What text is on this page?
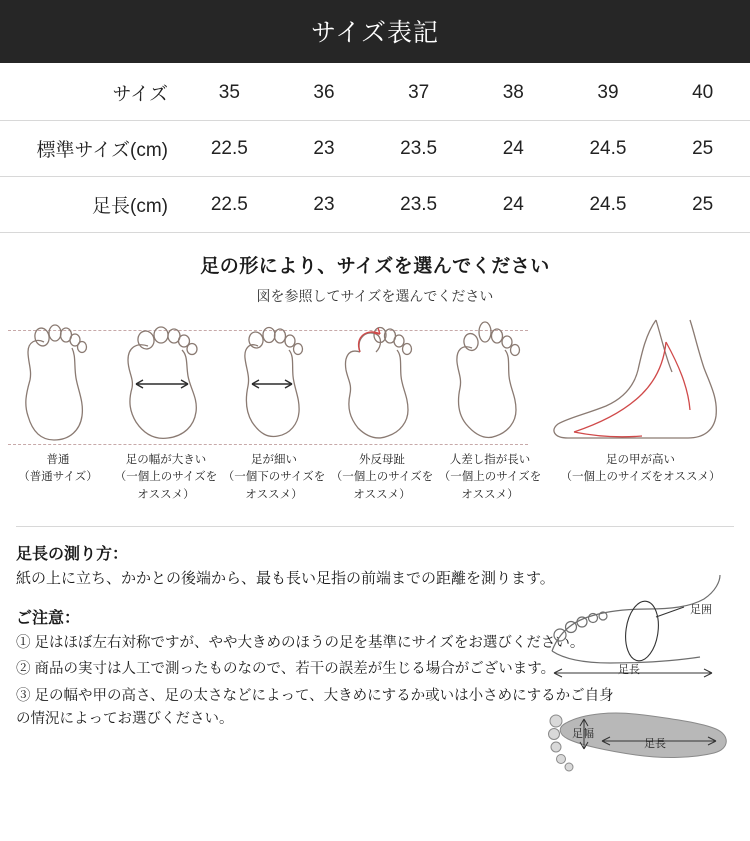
サイズ表記
サイズ	35	36	37	38	39	40
標準サイズ(cm)	22.5	23	23.5	24	24.5	25
足長(cm)	22.5	23	23.5	24	24.5	25
足の形により、サイズを選んでください
図を参照してサイズを選んでください
普通
（普通サイズ）
足の幅が大きい
（一個上のサイズをオススメ）
足が細い
（一個下のサイズをオススメ）
外反母趾
（一個上のサイズをオススメ）
人差し指が長い
（一個上のサイズをオススメ）
足の甲が高い
（一個上のサイズをオススメ）
足長の測り方：

紙の上に立ち、かかとの後端から、最も長い足指の前端までの距離を測ります。

ご注意：

① 足はほぼ左右対称ですが、やや大きめのほうの足を基準にサイズをお選びください。

② 商品の実寸は人工で測ったものなので、若干の誤差が生じる場合がございます。

③ 足の幅や甲の高さ、足の太さなどによって、大きめにするか或いは小さめにするかご自身の情況によってお選びください。

足囲
足長
足幅
足長
